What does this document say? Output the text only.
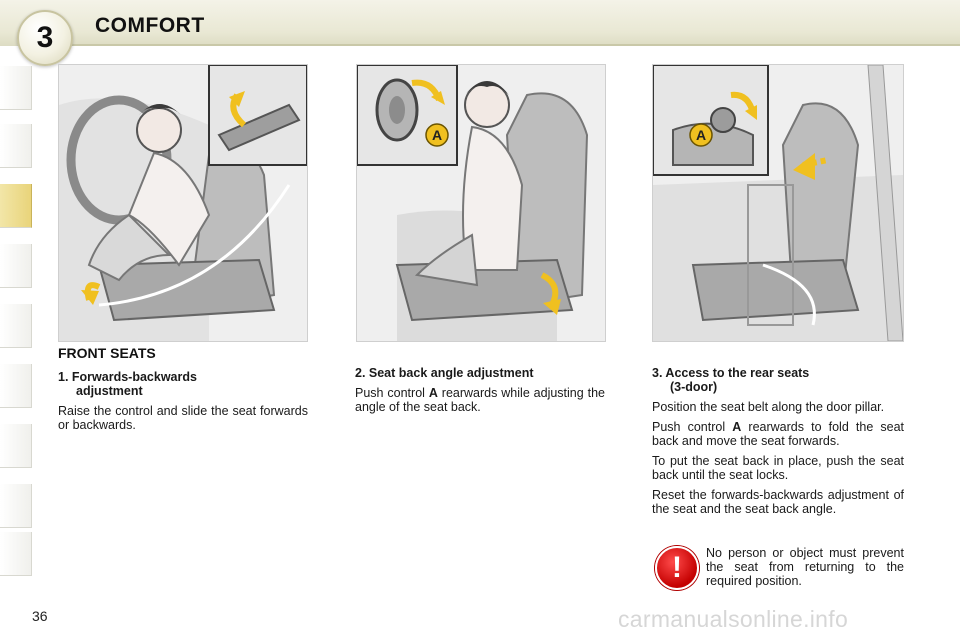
3 COMFORT
A	A
FRONT SEATS
1. Forwards-backwards
adjustment

Raise the control and slide the seat forwards or backwards.

2. Seat back angle adjustment

Push control A rearwards while adjusting the angle of the seat back.

3. Access to the rear seats
(3-door)

Position the seat belt along the door pillar.

Push control A rearwards to fold the seat back and move the seat forwards.

To put the seat back in place, push the seat back until the seat locks.

Reset the forwards-backwards adjustment of the seat and the seat back angle.

!	No person or object must prevent the seat from returning to the required position.
36	carmanualsonline.info
